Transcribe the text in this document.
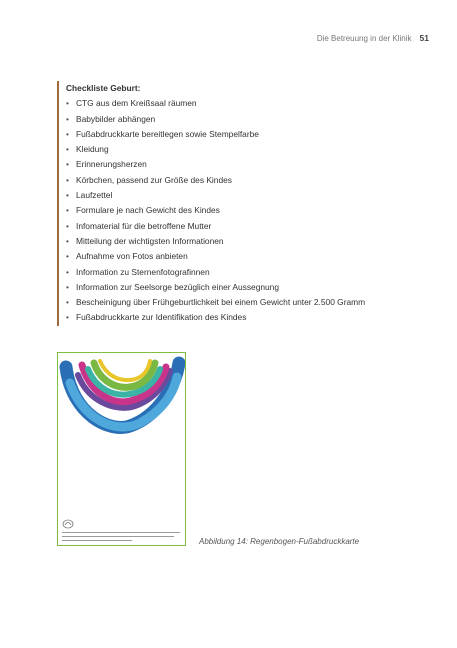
Die Betreuung in der Klinik 51
Checkliste Geburt:
• CTG aus dem Kreißsaal räumen
• Babybilder abhängen
• Fußabdruckkarte bereitlegen sowie Stempelfarbe
• Kleidung
• Erinnerungsherzen
• Körbchen, passend zur Größe des Kindes
• Laufzettel
• Formulare je nach Gewicht des Kindes
• Infomaterial für die betroffene Mutter
• Mitteilung der wichtigsten Informationen
• Aufnahme von Fotos anbieten
• Information zu Sternenfotografinnen
• Information zur Seelsorge bezüglich einer Aussegnung
• Bescheinigung über Frühgeburtlichkeit bei einem Gewicht unter 2.500 Gramm
• Fußabdruckkarte zur Identifikation des Kindes
Abbildung 14: Regenbogen-Fußabdruckkarte
